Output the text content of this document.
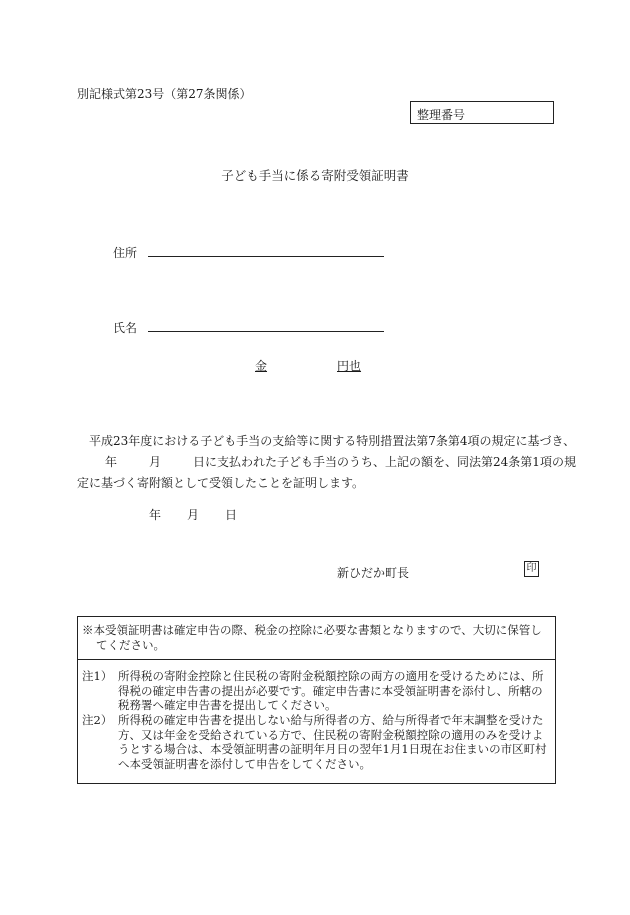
別記様式第23号（第27条関係）
整理番号
子ども手当に係る寄附受領証明書
住所
氏名
金	円也
　平成23年度における子ども手当の支給等に関する特別措置法第7条第4項の規定に基づき、
年	月	日に支払われた子ども手当のうち、上記の額を、同法第24条第1項の規
定に基づく寄附額として受領したことを証明します。
年 月 日
新ひだか町長	印
※本受領証明書は確定申告の際、税金の控除に必要な書類となりますので、大切に保管し
てください。
注1） 所得税の寄附金控除と住民税の寄附金税額控除の両方の適用を受けるためには、所
得税の確定申告書の提出が必要です。確定申告書に本受領証明書を添付し、所轄の
税務署へ確定申告書を提出してください。
注2） 所得税の確定申告書を提出しない給与所得者の方、給与所得者で年末調整を受けた
方、又は年金を受給されている方で、住民税の寄附金税額控除の適用のみを受けよ
うとする場合は、本受領証明書の証明年月日の翌年1月1日現在お住まいの市区町村
へ本受領証明書を添付して申告をしてください。
